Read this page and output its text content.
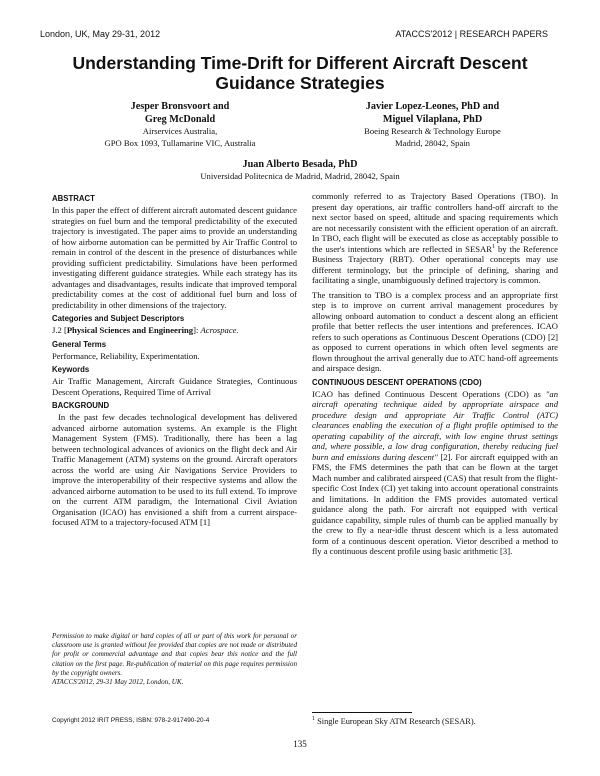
London, UK, May 29-31, 2012	ATACCS'2012 | RESEARCH PAPERS
Understanding Time-Drift for Different Aircraft Descent
Guidance Strategies
Jesper Bronsvoort and
Greg McDonald
Airservices Australia,
GPO Box 1093, Tullamarine VIC, Australia
Javier Lopez-Leones, PhD and
Miguel Vilaplana, PhD
Boeing Research & Technology Europe
Madrid, 28042, Spain
Juan Alberto Besada, PhD
Universidad Politecnica de Madrid, Madrid, 28042, Spain
ABSTRACT

In this paper the effect of different aircraft automated descent guidance strategies on fuel burn and the temporal predictability of the executed trajectory is investigated. The paper aims to provide an understanding of how airborne automation can be permitted by Air Traffic Control to remain in control of the descent in the presence of disturbances while providing sufficient predictability. Simulations have been performed investigating different guidance strategies. While each strategy has its advantages and disadvantages, results indicate that improved temporal predictability comes at the cost of additional fuel burn and loss of predictability in other dimensions of the trajectory.

Categories and Subject Descriptors

J.2 [Physical Sciences and Engineering]: Acrospace.

General Terms

Performance, Reliability, Experimentation.

Keywords

Air Traffic Management, Aircraft Guidance Strategies, Continuous Descent Operations, Required Time of Arrival

BACKGROUND

In the past few decades technological development has delivered advanced airborne automation systems. An example is the Flight Management System (FMS). Traditionally, there has been a lag between technological advances of avionics on the flight deck and Air Traffic Management (ATM) systems on the ground. Aircraft operators across the world are using Air Navigations Service Providers to improve the interoperability of their respective systems and allow the advanced airborne automation to be used to its full extend. To improve on the current ATM paradigm, the International Civil Aviation Organisation (ICAO) has envisioned a shift from a current airspace-focused ATM to a trajectory-focused ATM [1]

Permission to make digital or hard copies of all or part of this work for personal or classroom use is granted without fee provided that copies are not made or distributed for profit or commercial advantage and that copies bear this notice and the full citation on the first page. Re-publication of material on this page requires permission by the copyright owners.

ATACCS'2012, 29-31 May 2012, London, UK.

Copyright 2012 IRIT PRESS, ISBN: 978-2-917490-20-4

commonly referred to as Trajectory Based Operations (TBO). In present day operations, air traffic controllers hand-off aircraft to the next sector based on speed, altitude and spacing requirements which are not necessarily consistent with the efficient operation of an aircraft. In TBO, each flight will be executed as close as acceptably possible to the user's intentions which are reflected in SESAR$^1$ by the Reference Business Trajectory (RBT). Other operational concepts may use different terminology, but the principle of defining, sharing and facilitating a single, unambiguously defined trajectory is common.

The transition to TBO is a complex process and an appropriate first step is to improve on current arrival management procedures by allowing onboard automation to conduct a descent along an efficient profile that better reflects the user intentions and preferences. ICAO refers to such operations as Continuous Descent Operations (CDO) [2] as opposed to current operations in which often level segments are flown throughout the arrival generally due to ATC hand-off agreements and airspace design.

CONTINUOUS DESCENT OPERATIONS (CDO)

ICAO has defined Continuous Descent Operations (CDO) as "an aircraft operating technique aided by appropriate airspace and procedure design and appropriate Air Traffic Control (ATC) clearances enabling the execution of a flight profile optimised to the operating capability of the aircraft, with low engine thrust settings and, where possible, a low drag configuration, thereby reducing fuel burn and emissions during descent" [2]. For aircraft equipped with an FMS, the FMS determines the path that can be flown at the target Mach number and calibrated airspeed (CAS) that result from the flight-specific Cost Index (CI) yet taking into account operational constraints and limitations. In addition the FMS provides automated vertical guidance along the path. For aircraft not equipped with vertical guidance capability, simple rules of thumb can be applied manually by the crew to fly a near-idle thrust descent which is a less automated form of a continuous descent operation. Vietor described a method to fly a continuous descent profile using basic arithmetic [3].

$^1$ Single European Sky ATM Research (SESAR).
135
